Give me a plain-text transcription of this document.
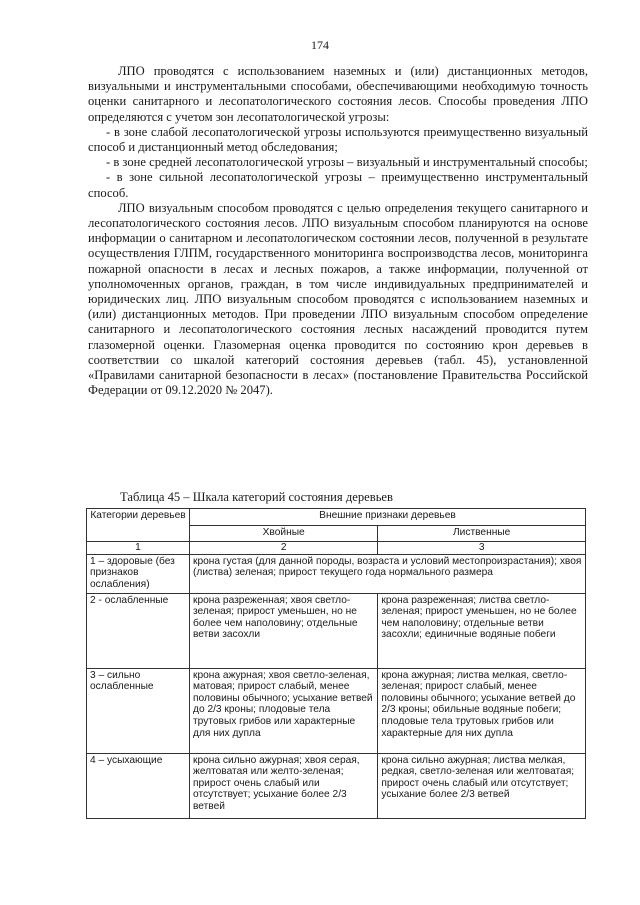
174

ЛПО проводятся с использованием наземных и (или) дистанционных методов, визуальными и инструментальными способами, обеспечивающими необходимую точность оценки санитарного и лесопатологического состояния лесов. Способы проведения ЛПО определяются с учетом зон лесопатологической угрозы:

- в зоне слабой лесопатологической угрозы используются преимущественно визуальный способ и дистанционный метод обследования;

- в зоне средней лесопатологической угрозы – визуальный и инструментальный способы;

- в зоне сильной лесопатологической угрозы – преимущественно инструментальный способ.

ЛПО визуальным способом проводятся с целью определения текущего санитарного и лесопатологического состояния лесов. ЛПО визуальным способом планируются на основе информации о санитарном и лесопатологическом состоянии лесов, полученной в результате осуществления ГЛПМ, государственного мониторинга воспроизводства лесов, мониторинга пожарной опасности в лесах и лесных пожаров, а также информации, полученной от уполномоченных органов, граждан, в том числе индивидуальных предпринимателей и юридических лиц. ЛПО визуальным способом проводятся с использованием наземных и (или) дистанционных методов. При проведении ЛПО визуальным способом определение санитарного и лесопатологического состояния лесных насаждений проводится путем глазомерной оценки. Глазомерная оценка проводится по состоянию крон деревьев в соответствии со шкалой категорий состояния деревьев (табл. 45), установленной «Правилами санитарной безопасности в лесах» (постановление Правительства Российской Федерации от 09.12.2020 № 2047).

Таблица 45 – Шкала категорий состояния деревьев
Категории деревьев	Внешние признаки деревьев	
	Хвойные	Лиственные
1	2	3
1 – здоровые (без признаков ослабления)	крона густая (для данной породы, возраста и условий местопроизрастания); хвоя (листва) зеленая; прирост текущего года нормального размера	
2 - ослабленные	крона разреженная; хвоя светло-зеленая; прирост уменьшен, но не более чем наполовину; отдельные ветви засохли	крона разреженная; листва светло-зеленая; прирост уменьшен, но не более чем наполовину; отдельные ветви засохли; единичные водяные побеги
3 – сильно ослабленные	крона ажурная; хвоя светло-зеленая, матовая; прирост слабый, менее половины обычного; усыхание ветвей до 2/3 кроны; плодовые тела трутовых грибов или характерные для них дупла	крона ажурная; листва мелкая, светло-зеленая; прирост слабый, менее половины обычного; усыхание ветвей до 2/3 кроны; обильные водяные побеги; плодовые тела трутовых грибов или характерные для них дупла
4 – усыхающие	крона сильно ажурная; хвоя серая, желтоватая или желто-зеленая; прирост очень слабый или отсутствует; усыхание более 2/3 ветвей	крона сильно ажурная; листва мелкая, редкая, светло-зеленая или желтоватая; прирост очень слабый или отсутствует; усыхание более 2/3 ветвей
